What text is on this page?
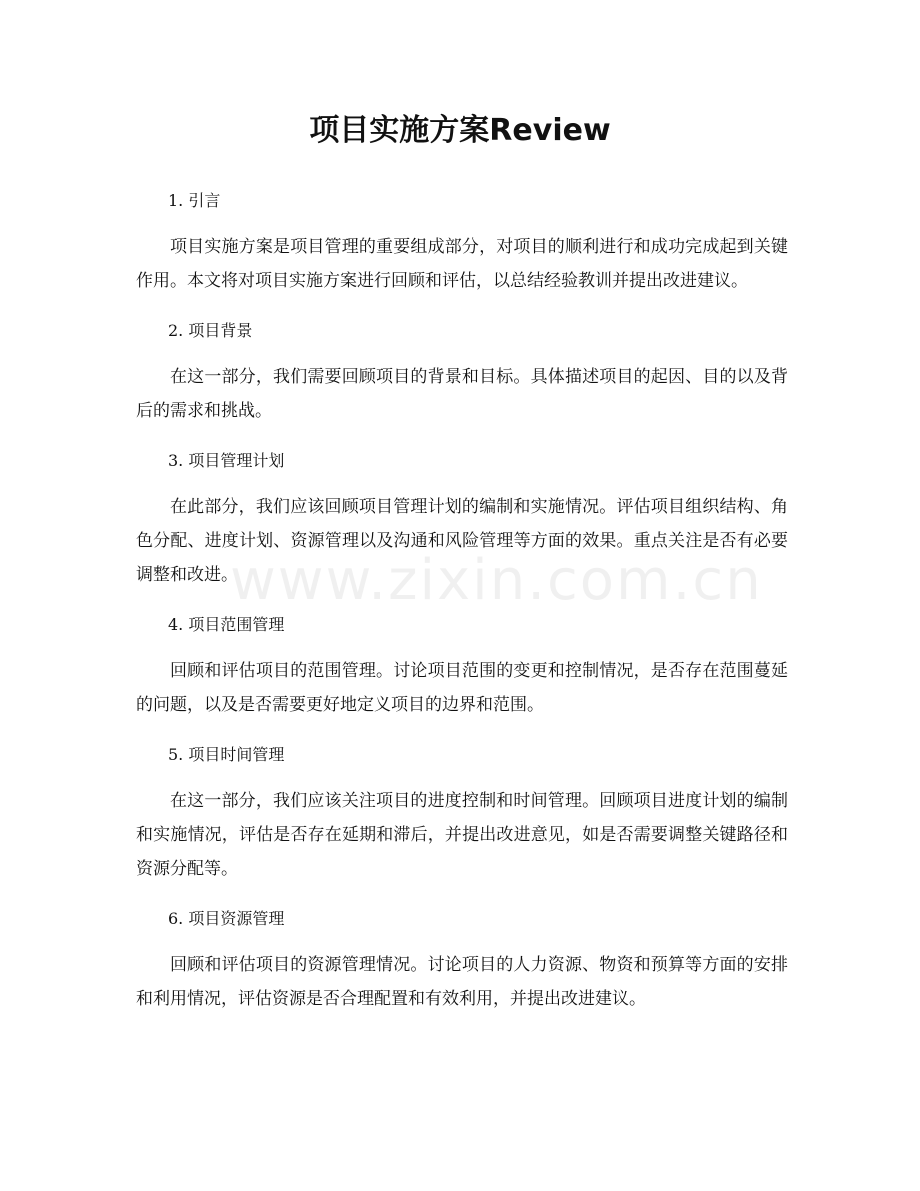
项目实施方案Review
www.zixin.com.cn
1. 引言

项目实施方案是项目管理的重要组成部分，对项目的顺利进行和成功完成起到关键作用。本文将对项目实施方案进行回顾和评估，以总结经验教训并提出改进建议。

2. 项目背景

在这一部分，我们需要回顾项目的背景和目标。具体描述项目的起因、目的以及背后的需求和挑战。

3. 项目管理计划

在此部分，我们应该回顾项目管理计划的编制和实施情况。评估项目组织结构、角色分配、进度计划、资源管理以及沟通和风险管理等方面的效果。重点关注是否有必要调整和改进。

4. 项目范围管理

回顾和评估项目的范围管理。讨论项目范围的变更和控制情况，是否存在范围蔓延的问题，以及是否需要更好地定义项目的边界和范围。

5. 项目时间管理

在这一部分，我们应该关注项目的进度控制和时间管理。回顾项目进度计划的编制和实施情况，评估是否存在延期和滞后，并提出改进意见，如是否需要调整关键路径和资源分配等。

6. 项目资源管理

回顾和评估项目的资源管理情况。讨论项目的人力资源、物资和预算等方面的安排和利用情况，评估资源是否合理配置和有效利用，并提出改进建议。
